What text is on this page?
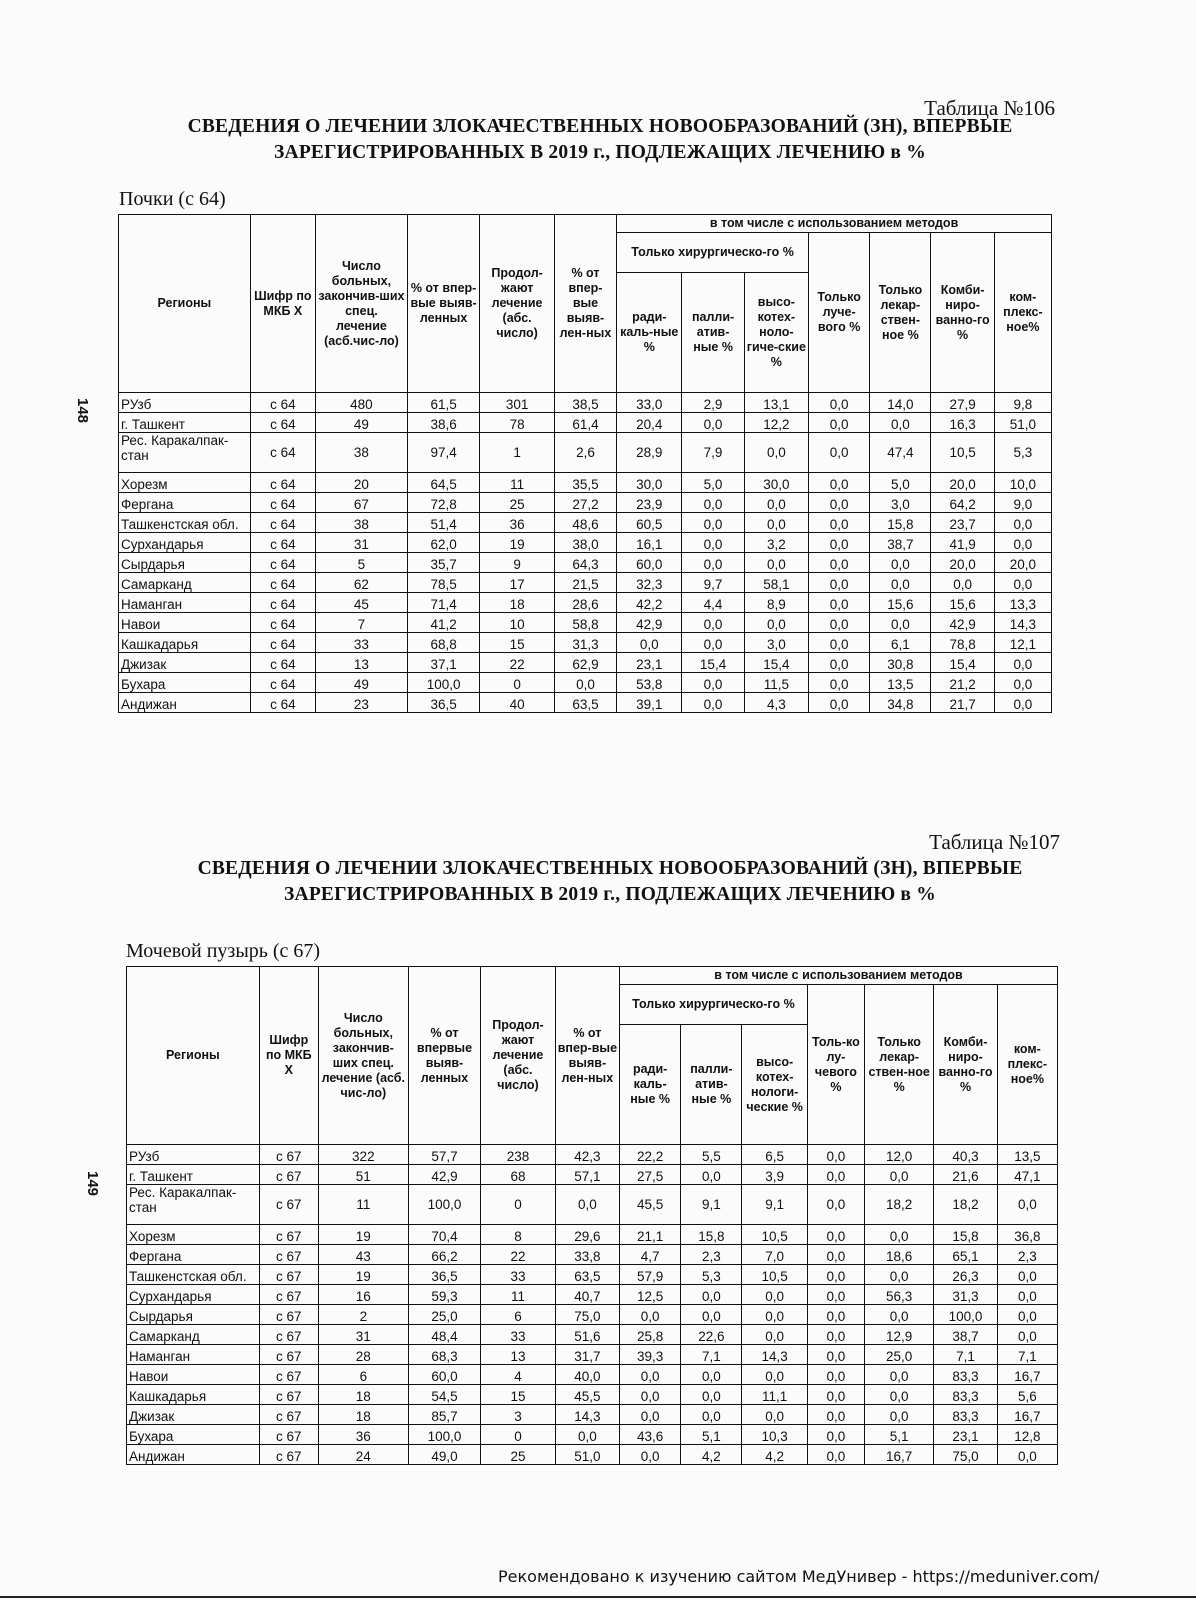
Таблица №106
СВЕДЕНИЯ О ЛЕЧЕНИИ ЗЛОКАЧЕСТВЕННЫХ НОВООБРАЗОВАНИЙ (ЗН), ВПЕРВЫЕ
ЗАРЕГИСТРИРОВАННЫХ В 2019 г., ПОДЛЕЖАЩИХ ЛЕЧЕНИЮ в %
Почки (с 64)
148
Регионы	Шифр по МКБ X	Число больных, закончив-ших спец. лечение (асб.чис-ло)	% от впер-вые выяв-ленных	Продол-жают лечение (абс. число)	% от впер-вые выяв-лен-ных	в том числе с использованием методов						
						Только хирургическо-го %			Только луче-вого %	Только лекар-ствен-ное %	Комби-ниро-ванно-го %	ком-плекс-ное%
						ради-каль-ные %	палли-атив-ные %	высо-котех-ноло-гиче-ские %				
РУзб	с 64	480	61,5	301	38,5	33,0	2,9	13,1	0,0	14,0	27,9	9,8
г. Ташкент	с 64	49	38,6	78	61,4	20,4	0,0	12,2	0,0	0,0	16,3	51,0
Рес. Каракалпак-стан	с 64	38	97,4	1	2,6	28,9	7,9	0,0	0,0	47,4	10,5	5,3
Хорезм	с 64	20	64,5	11	35,5	30,0	5,0	30,0	0,0	5,0	20,0	10,0
Фергана	с 64	67	72,8	25	27,2	23,9	0,0	0,0	0,0	3,0	64,2	9,0
Ташкенстская обл.	с 64	38	51,4	36	48,6	60,5	0,0	0,0	0,0	15,8	23,7	0,0
Сурхандарья	с 64	31	62,0	19	38,0	16,1	0,0	3,2	0,0	38,7	41,9	0,0
Сырдарья	с 64	5	35,7	9	64,3	60,0	0,0	0,0	0,0	0,0	20,0	20,0
Самарканд	с 64	62	78,5	17	21,5	32,3	9,7	58,1	0,0	0,0	0,0	0,0
Наманган	с 64	45	71,4	18	28,6	42,2	4,4	8,9	0,0	15,6	15,6	13,3
Навои	с 64	7	41,2	10	58,8	42,9	0,0	0,0	0,0	0,0	42,9	14,3
Кашкадарья	с 64	33	68,8	15	31,3	0,0	0,0	3,0	0,0	6,1	78,8	12,1
Джизак	с 64	13	37,1	22	62,9	23,1	15,4	15,4	0,0	30,8	15,4	0,0
Бухара	с 64	49	100,0	0	0,0	53,8	0,0	11,5	0,0	13,5	21,2	0,0
Андижан	с 64	23	36,5	40	63,5	39,1	0,0	4,3	0,0	34,8	21,7	0,0
Таблица №107
СВЕДЕНИЯ О ЛЕЧЕНИИ ЗЛОКАЧЕСТВЕННЫХ НОВООБРАЗОВАНИЙ (ЗН), ВПЕРВЫЕ
ЗАРЕГИСТРИРОВАННЫХ В 2019 г., ПОДЛЕЖАЩИХ ЛЕЧЕНИЮ в %
Мочевой пузырь (с 67)
149
Регионы	Шифр по МКБ X	Число больных, закончив-ших спец. лечение (асб. чис-ло)	% от впервые выяв-ленных	Продол-жают лечение (абс. число)	% от впер-вые выяв-лен-ных	в том числе с использованием методов						
						Только хирургическо-го %			Толь-ко лу-чевого %	Только лекар-ствен-ное %	Комби-ниро-ванно-го %	ком-плекс-ное%
						ради-каль-ные %	палли-атив-ные %	высо-котех-нологи-ческие %				
РУзб	с 67	322	57,7	238	42,3	22,2	5,5	6,5	0,0	12,0	40,3	13,5
г. Ташкент	с 67	51	42,9	68	57,1	27,5	0,0	3,9	0,0	0,0	21,6	47,1
Рес. Каракалпак-стан	с 67	11	100,0	0	0,0	45,5	9,1	9,1	0,0	18,2	18,2	0,0
Хорезм	с 67	19	70,4	8	29,6	21,1	15,8	10,5	0,0	0,0	15,8	36,8
Фергана	с 67	43	66,2	22	33,8	4,7	2,3	7,0	0,0	18,6	65,1	2,3
Ташкенстская обл.	с 67	19	36,5	33	63,5	57,9	5,3	10,5	0,0	0,0	26,3	0,0
Сурхандарья	с 67	16	59,3	11	40,7	12,5	0,0	0,0	0,0	56,3	31,3	0,0
Сырдарья	с 67	2	25,0	6	75,0	0,0	0,0	0,0	0,0	0,0	100,0	0,0
Самарканд	с 67	31	48,4	33	51,6	25,8	22,6	0,0	0,0	12,9	38,7	0,0
Наманган	с 67	28	68,3	13	31,7	39,3	7,1	14,3	0,0	25,0	7,1	7,1
Навои	с 67	6	60,0	4	40,0	0,0	0,0	0,0	0,0	0,0	83,3	16,7
Кашкадарья	с 67	18	54,5	15	45,5	0,0	0,0	11,1	0,0	0,0	83,3	5,6
Джизак	с 67	18	85,7	3	14,3	0,0	0,0	0,0	0,0	0,0	83,3	16,7
Бухара	с 67	36	100,0	0	0,0	43,6	5,1	10,3	0,0	5,1	23,1	12,8
Андижан	с 67	24	49,0	25	51,0	0,0	4,2	4,2	0,0	16,7	75,0	0,0
Рекомендовано к изучению сайтом МедУнивер - https://meduniver.com/
